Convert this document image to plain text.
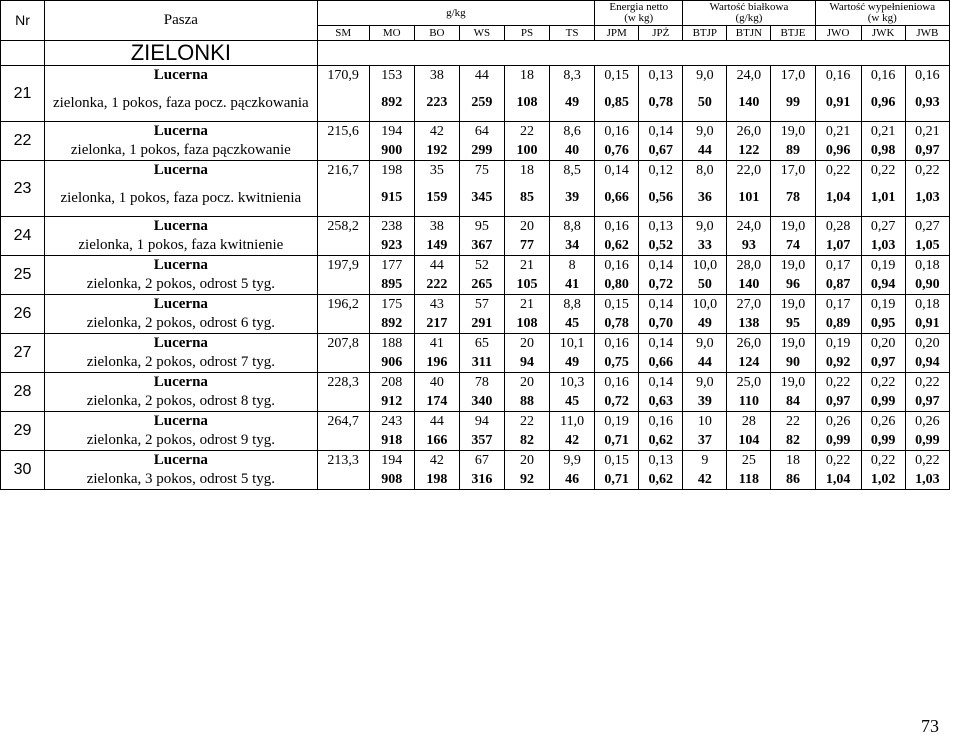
Nr	Pasza	g/kg						Energia netto
(w kg)		Wartość białkowa
(g/kg)			Wartość wypełnieniowa
(w kg)		

		SM	MO	BO	WS	PS	TS	JPM	JPŻ	BTJP	BTJN	BTJE	JWO	JWK	JWB
	ZIELONKI														
21	Lucerna	170,9	153	38	44	18	8,3	0,15	0,13	9,0	24,0	17,0	0,16	0,16	0,16
	zielonka, 1 pokos, faza pocz. pączkowania		892	223	259	108	49	0,85	0,78	50	140	99	0,91	0,96	0,93
22	Lucerna	215,6	194	42	64	22	8,6	0,16	0,14	9,0	26,0	19,0	0,21	0,21	0,21
	zielonka, 1 pokos, faza pączkowanie		900	192	299	100	40	0,76	0,67	44	122	89	0,96	0,98	0,97
23	Lucerna	216,7	198	35	75	18	8,5	0,14	0,12	8,0	22,0	17,0	0,22	0,22	0,22
	zielonka, 1 pokos, faza pocz. kwitnienia		915	159	345	85	39	0,66	0,56	36	101	78	1,04	1,01	1,03
24	Lucerna	258,2	238	38	95	20	8,8	0,16	0,13	9,0	24,0	19,0	0,28	0,27	0,27
	zielonka, 1 pokos, faza kwitnienie		923	149	367	77	34	0,62	0,52	33	93	74	1,07	1,03	1,05
25	Lucerna	197,9	177	44	52	21	8	0,16	0,14	10,0	28,0	19,0	0,17	0,19	0,18
	zielonka, 2 pokos, odrost 5 tyg.		895	222	265	105	41	0,80	0,72	50	140	96	0,87	0,94	0,90
26	Lucerna	196,2	175	43	57	21	8,8	0,15	0,14	10,0	27,0	19,0	0,17	0,19	0,18
	zielonka, 2 pokos, odrost 6 tyg.		892	217	291	108	45	0,78	0,70	49	138	95	0,89	0,95	0,91
27	Lucerna	207,8	188	41	65	20	10,1	0,16	0,14	9,0	26,0	19,0	0,19	0,20	0,20
	zielonka, 2 pokos, odrost 7 tyg.		906	196	311	94	49	0,75	0,66	44	124	90	0,92	0,97	0,94
28	Lucerna	228,3	208	40	78	20	10,3	0,16	0,14	9,0	25,0	19,0	0,22	0,22	0,22
	zielonka, 2 pokos, odrost 8 tyg.		912	174	340	88	45	0,72	0,63	39	110	84	0,97	0,99	0,97
29	Lucerna	264,7	243	44	94	22	11,0	0,19	0,16	10	28	22	0,26	0,26	0,26
	zielonka, 2 pokos, odrost 9 tyg.		918	166	357	82	42	0,71	0,62	37	104	82	0,99	0,99	0,99
30	Lucerna	213,3	194	42	67	20	9,9	0,15	0,13	9	25	18	0,22	0,22	0,22
	zielonka, 3 pokos, odrost 5 tyg.		908	198	316	92	46	0,71	0,62	42	118	86	1,04	1,02	1,03
73
